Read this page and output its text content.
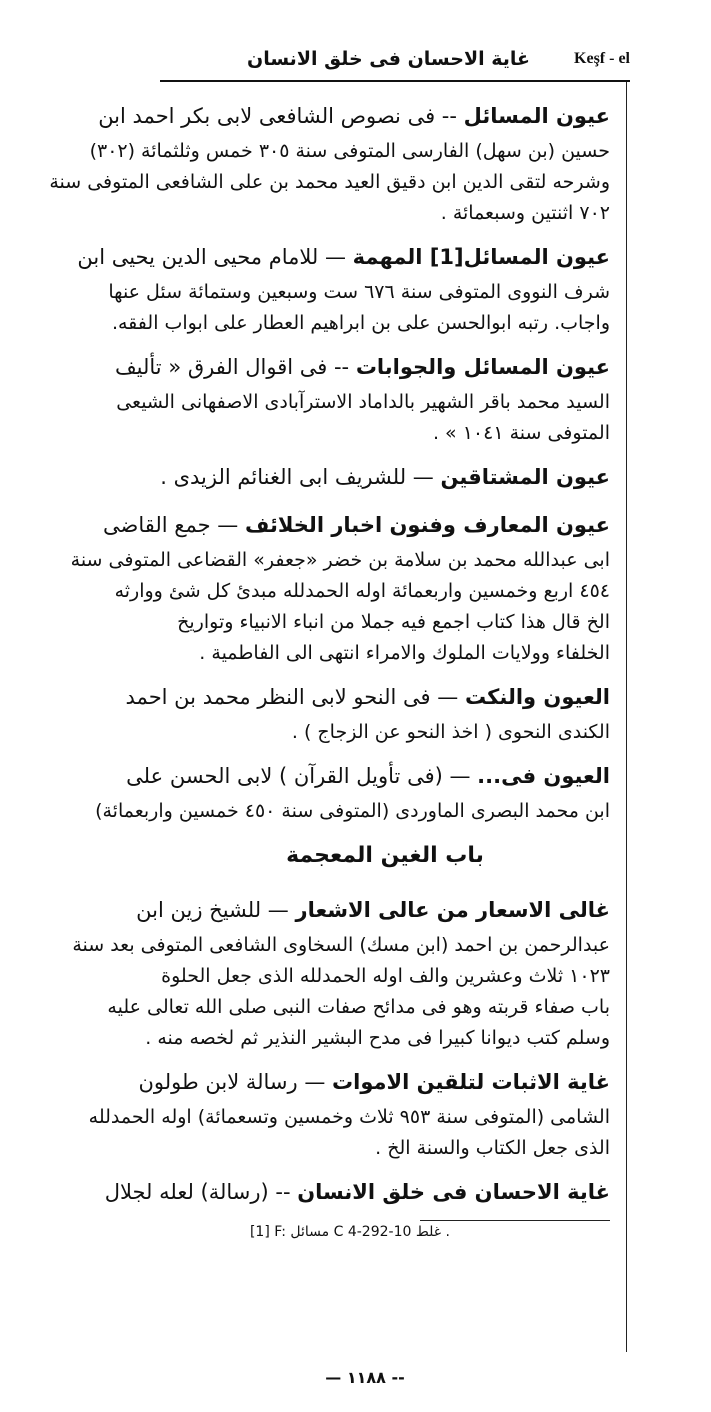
غاية الاحسان فى خلق الانسان	Keşf - el
عيون المسائل -- فى نصوص الشافعى لابى بكر احمد ابن
حسين (بن سهل) الفارسى المتوفى سنة ٣٠٥ خمس وثلثمائة (٣٠٢)
وشرحه لتقى الدين ابن دقيق العيد محمد بن على الشافعى المتوفى سنة
٧٠٢ اثنتين وسبعمائة .
عيون المسائل[1] المهمة — للامام محيى الدين يحيى ابن
شرف النووى المتوفى سنة ٦٧٦ ست وسبعين وستمائة سئل عنها
واجاب. رتبه ابوالحسن على بن ابراهيم العطار على ابواب الفقه.
عيون المسائل والجوابات -- فى اقوال الفرق « تأليف
السيد محمد باقر الشهير بالداماد الاسترآبادى الاصفهانى الشيعى
المتوفى سنة ١٠٤١ » .
عيون المشتاقين — للشريف ابى الغنائم الزيدى .
عيون المعارف وفنون اخبار الخلائف — جمع القاضى
ابى عبدالله محمد بن سلامة بن خضر «جعفر» القضاعى المتوفى سنة
٤٥٤ اربع وخمسين واربعمائة اوله الحمدلله مبدئ كل شئ ووارثه
الخ قال هذا كتاب اجمع فيه جملا من انباء الانبياء وتواريخ
الخلفاء وولايات الملوك والامراء انتهى الى الفاطمية .
العيون والنكت — فى النحو لابى النظر محمد بن احمد
الكندى النحوى ( اخذ النحو عن الزجاج ) .
العيون فى... — (فى تأويل القرآن ) لابى الحسن على
ابن محمد البصرى الماوردى (المتوفى سنة ٤٥٠ خمسين واربعمائة)
باب الغين المعجمة
غالى الاسعار من عالى الاشعار — للشيخ زين ابن
عبدالرحمن بن احمد (ابن مسك) السخاوى الشافعى المتوفى بعد سنة
١٠٢٣ ثلاث وعشرين والف اوله الحمدلله الذى جعل الحلوة
باب صفاء قربته وهو فى مدائح صفات النبى صلى الله تعالى عليه
وسلم كتب ديوانا كبيرا فى مدح البشير النذير ثم لخصه منه .
غاية الاثبات لتلقين الاموات — رسالة لابن طولون
الشامى (المتوفى سنة ٩٥٣ ثلاث وخمسين وتسعمائة) اوله الحمدلله
الذى جعل الكتاب والسنة الخ .
غاية الاحسان فى خلق الانسان -- (رسالة) لعله لجلال
[1] F: مسائل C 4-292-10 غلط .
— ١١٨٨ --
